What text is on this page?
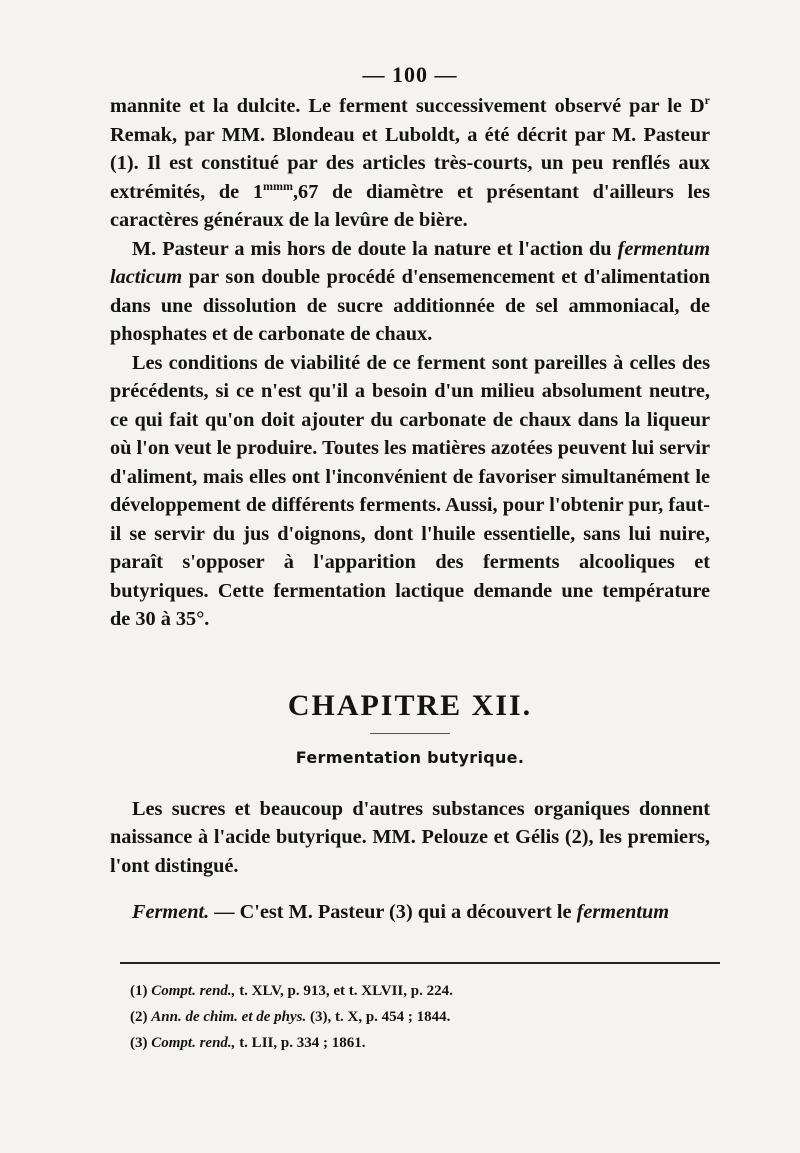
— 100 —

mannite et la dulcite. Le ferment successivement observé par le $D^r$ Remak, par MM. Blondeau et Luboldt, a été décrit par M. Pasteur (1). Il est constitué par des articles très-courts, un peu renflés aux extrémités, de $1^{mmm},67$ de diamètre et présentant d'ailleurs les caractères généraux de la levûre de bière.

M. Pasteur a mis hors de doute la nature et l'action du fermentum lacticum par son double procédé d'ensemencement et d'alimentation dans une dissolution de sucre additionnée de sel ammoniacal, de phosphates et de carbonate de chaux.

Les conditions de viabilité de ce ferment sont pareilles à celles des précédents, si ce n'est qu'il a besoin d'un milieu absolument neutre, ce qui fait qu'on doit ajouter du carbonate de chaux dans la liqueur où l'on veut le produire. Toutes les matières azotées peuvent lui servir d'aliment, mais elles ont l'inconvénient de favoriser simultanément le développement de différents ferments. Aussi, pour l'obtenir pur, faut-il se servir du jus d'oignons, dont l'huile essentielle, sans lui nuire, paraît s'opposer à l'apparition des ferments alcooliques et butyriques. Cette fermentation lactique demande une température de 30 à 35°.

CHAPITRE XII.
Fermentation butyrique.

Les sucres et beaucoup d'autres substances organiques donnent naissance à l'acide butyrique. MM. Pelouze et Gélis (2), les premiers, l'ont distingué.

Ferment. — C'est M. Pasteur (3) qui a découvert le fermentum

(1) Compt. rend., t. XLV, p. 913, et t. XLVII, p. 224.
(2) Ann. de chim. et de phys. (3), t. X, p. 454 ; 1844.
(3) Compt. rend., t. LII, p. 334 ; 1861.
